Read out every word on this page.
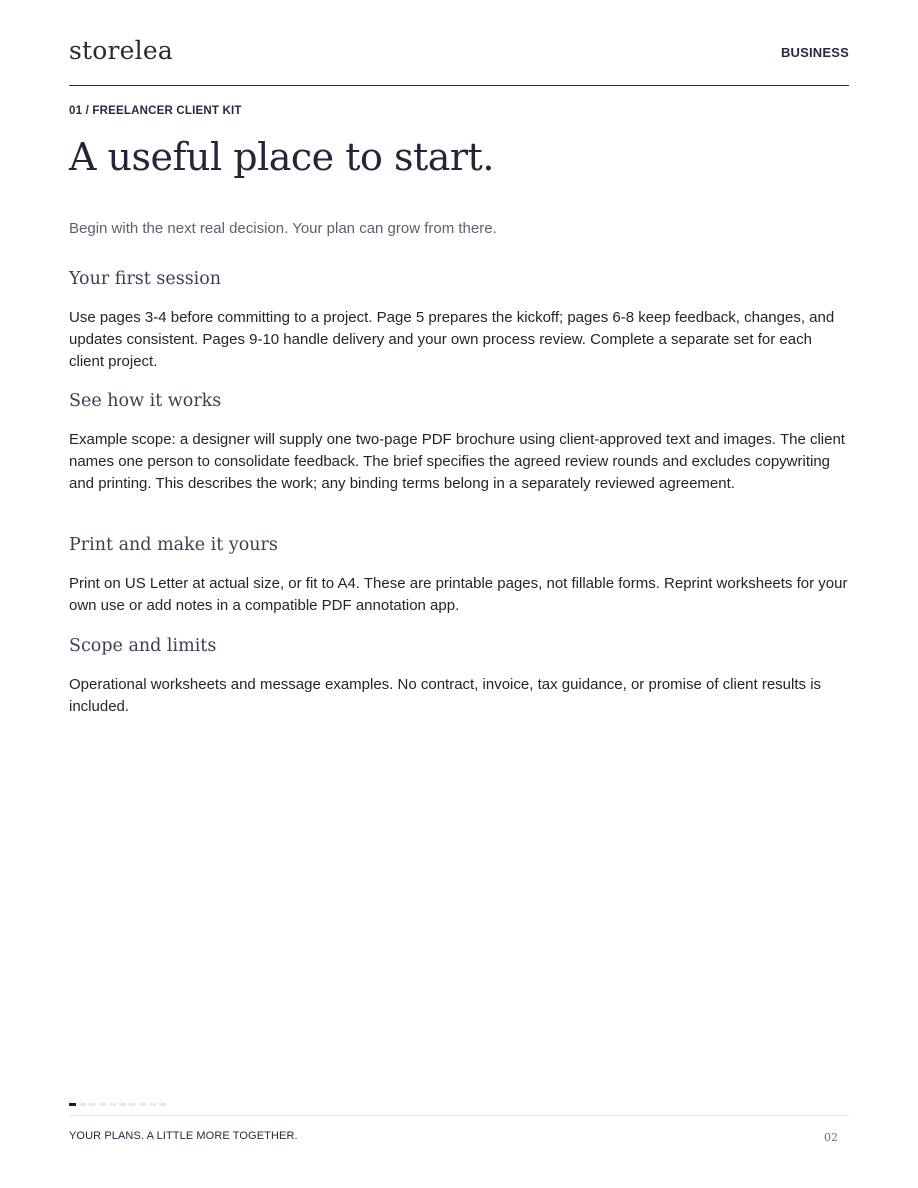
storelea	BUSINESS
01 / FREELANCER CLIENT KIT
A useful place to start.
Begin with the next real decision. Your plan can grow from there.
Your first session

Use pages 3-4 before committing to a project. Page 5 prepares the kickoff; pages 6-8 keep feedback, changes, and updates consistent. Pages 9-10 handle delivery and your own process review. Complete a separate set for each client project.

See how it works

Example scope: a designer will supply one two-page PDF brochure using client-approved text and images. The client names one person to consolidate feedback. The brief specifies the agreed review rounds and excludes copywriting and printing. This describes the work; any binding terms belong in a separately reviewed agreement.

Print and make it yours

Print on US Letter at actual size, or fit to A4. These are printable pages, not fillable forms. Reprint worksheets for your own use or add notes in a compatible PDF annotation app.

Scope and limits

Operational worksheets and message examples. No contract, invoice, tax guidance, or promise of client results is included.

YOUR PLANS. A LITTLE MORE TOGETHER.	02
